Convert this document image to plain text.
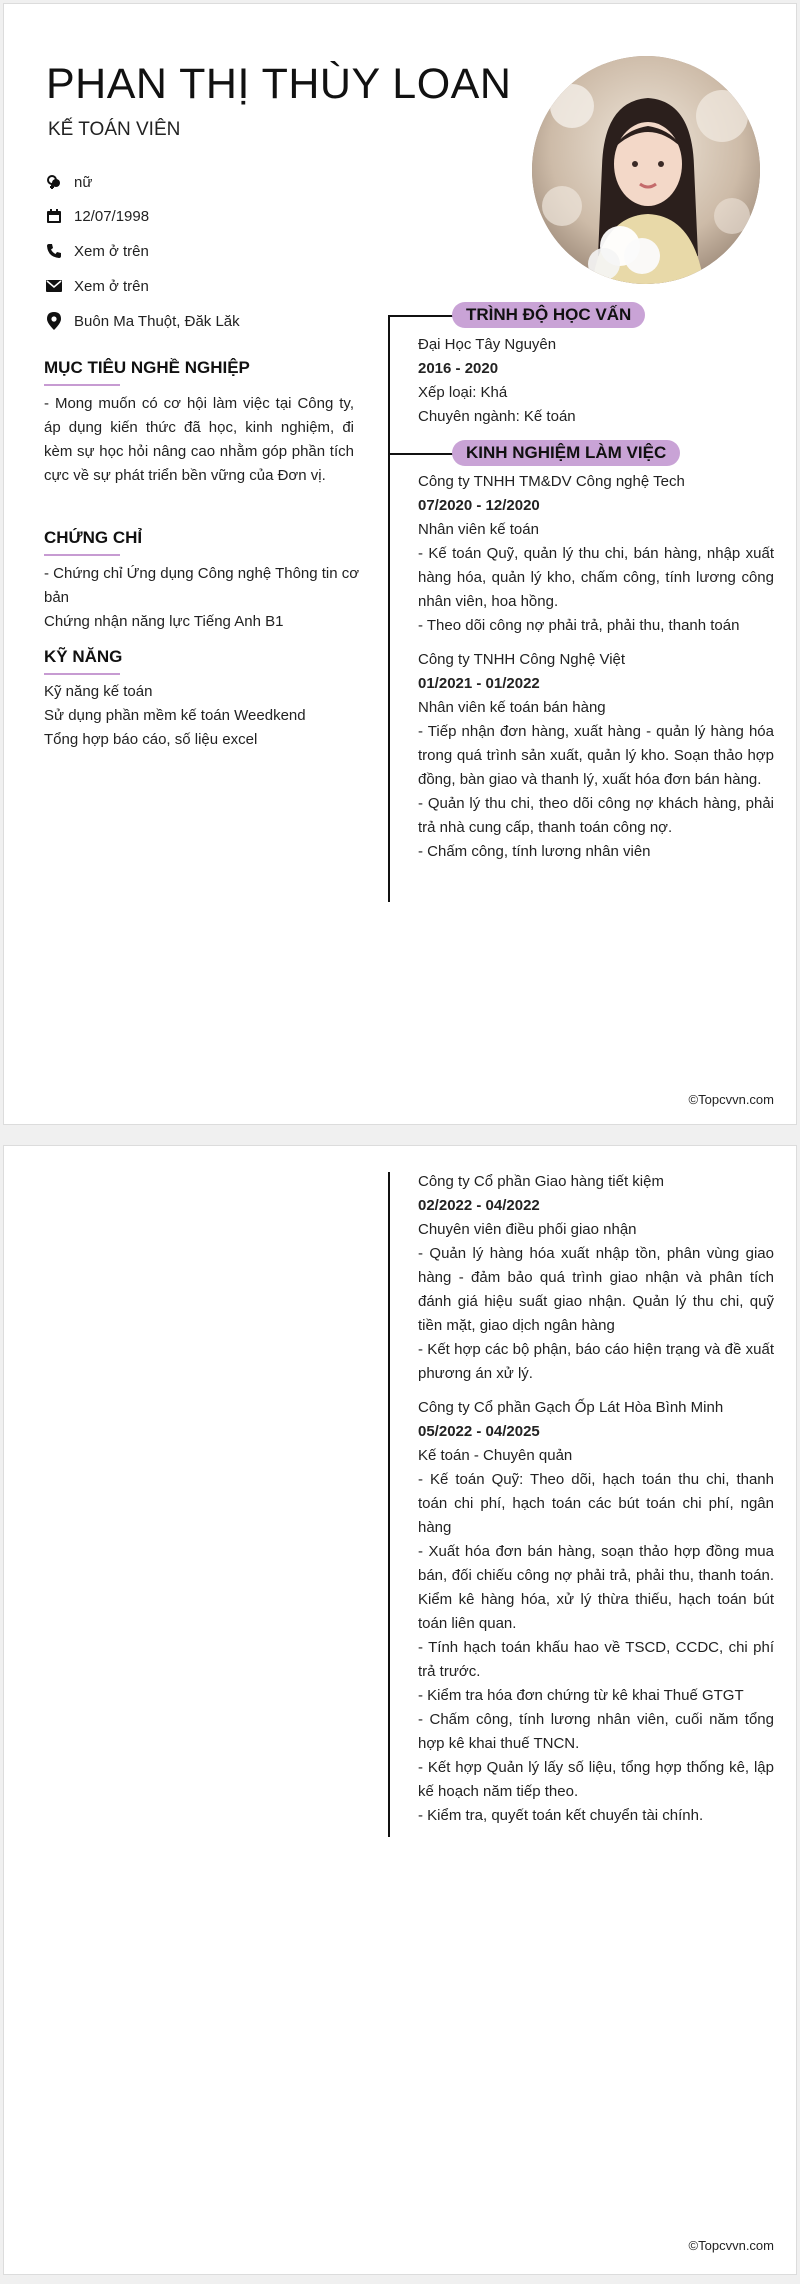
PHAN THỊ THÙY LOAN
KẾ TOÁN VIÊN
nữ
12/07/1998
Xem ở trên
Xem ở trên
Buôn Ma Thuột, Đăk Lăk
MỤC TIÊU NGHỀ NGHIỆP
- Mong muốn có cơ hội làm việc tại Công ty, áp dụng kiến thức đã học, kinh nghiệm, đi kèm sự học hỏi nâng cao nhằm góp phần tích cực về sự phát triển bền vững của Đơn vị.
CHỨNG CHỈ
- Chứng chỉ Ứng dụng Công nghệ Thông tin cơ bản
Chứng nhận năng lực Tiếng Anh B1
KỸ NĂNG
Kỹ năng kế toán
Sử dụng phần mềm kế toán Weedkend
Tổng hợp báo cáo, số liệu excel
TRÌNH ĐỘ HỌC VẤN
Đại Học Tây Nguyên
2016 - 2020
Xếp loại: Khá
Chuyên ngành: Kế toán
KINH NGHIỆM LÀM VIỆC
Công ty TNHH TM&DV Công nghệ Tech
07/2020 - 12/2020
Nhân viên kế toán
- Kế toán Quỹ, quản lý thu chi, bán hàng, nhập xuất hàng hóa, quản lý kho, chấm công, tính lương công nhân viên, hoa hồng.
- Theo dõi công nợ phải trả, phải thu, thanh toán
Công ty TNHH Công Nghệ Việt
01/2021 - 01/2022
Nhân viên kế toán bán hàng
- Tiếp nhận đơn hàng, xuất hàng - quản lý hàng hóa trong quá trình sản xuất, quản lý kho. Soạn thảo hợp đồng, bàn giao và thanh lý, xuất hóa đơn bán hàng.
- Quản lý thu chi, theo dõi công nợ khách hàng, phải trả nhà cung cấp, thanh toán công nợ.
- Chấm công, tính lương nhân viên
©Topcvvn.com
Công ty Cổ phần Giao hàng tiết kiệm
02/2022 - 04/2022
Chuyên viên điều phối giao nhận
- Quản lý hàng hóa xuất nhập tồn, phân vùng giao hàng - đảm bảo quá trình giao nhận và phân tích đánh giá hiệu suất giao nhận. Quản lý thu chi, quỹ tiền mặt, giao dịch ngân hàng
- Kết hợp các bộ phận, báo cáo hiện trạng và đề xuất phương án xử lý.
Công ty Cổ phần Gạch Ốp Lát Hòa Bình Minh
05/2022 - 04/2025
Kế toán - Chuyên quản
- Kế toán Quỹ: Theo dõi, hạch toán thu chi, thanh toán chi phí, hạch toán các bút toán chi phí, ngân hàng
- Xuất hóa đơn bán hàng, soạn thảo hợp đồng mua bán, đối chiếu công nợ phải trả, phải thu, thanh toán. Kiểm kê hàng hóa, xử lý thừa thiếu, hạch toán bút toán liên quan.
- Tính hạch toán khấu hao về TSCD, CCDC, chi phí trả trước.
- Kiểm tra hóa đơn chứng từ kê khai Thuế GTGT
- Chấm công, tính lương nhân viên, cuối năm tổng hợp kê khai thuế TNCN.
- Kết hợp Quản lý lấy số liệu, tổng hợp thống kê, lập kế hoạch năm tiếp theo.
- Kiểm tra, quyết toán kết chuyển tài chính.
©Topcvvn.com
